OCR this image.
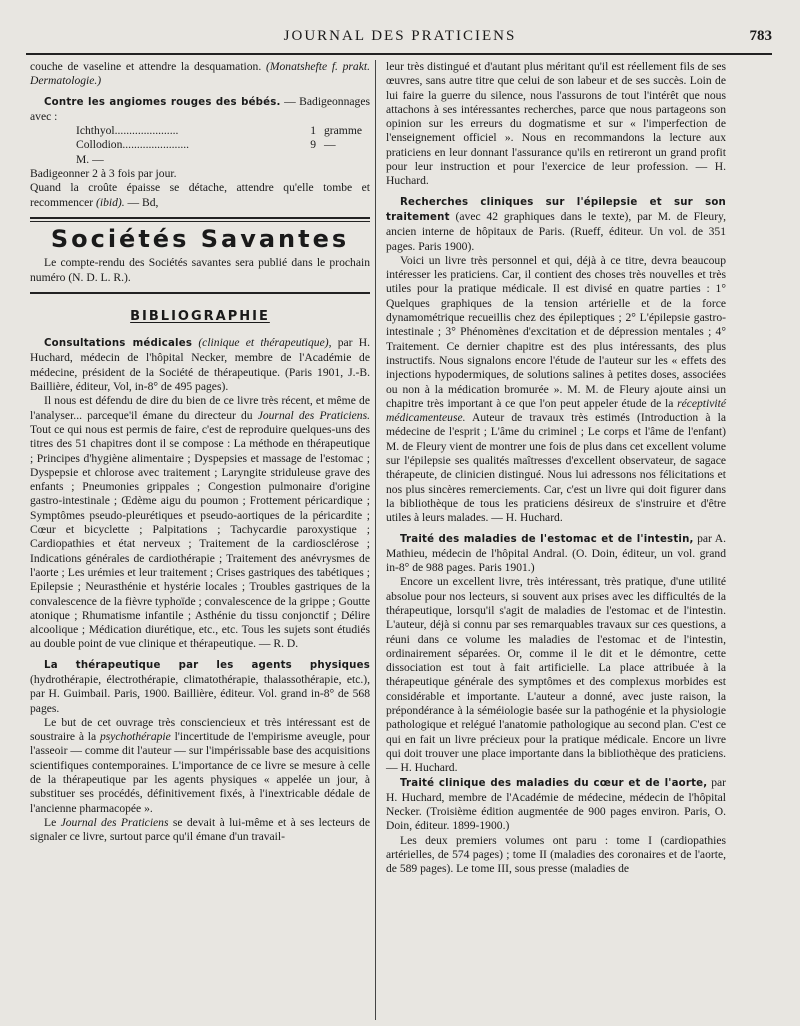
JOURNAL DES PRATICIENS	783

couche de vaseline et attendre la desquamation. (Monatshefte f. prakt. Dermatologie.)

Contre les angiomes rouges des bébés. — Badigeonnages avec :

Ichthyol......................	1 gramme
Collodion.......................	9 —
M. —

Badigeonner 2 à 3 fois par jour.

Quand la croûte épaisse se détache, attendre qu'elle tombe et recommencer (ibid). — Bd,

Sociétés Savantes

Le compte-rendu des Sociétés savantes sera publié dans le prochain numéro (N. D. L. R.).

BIBLIOGRAPHIE

Consultations médicales (clinique et thérapeutique), par H. Huchard, médecin de l'hôpital Necker, membre de l'Académie de médecine, président de la Société de thérapeutique. (Paris 1901, J.-B. Baillière, éditeur, Vol, in-8° de 495 pages).

Il nous est défendu de dire du bien de ce livre très récent, et même de l'analyser... parceque'il émane du directeur du Journal des Praticiens. Tout ce qui nous est permis de faire, c'est de reproduire quelques-uns des titres des 51 chapitres dont il se compose : La méthode en thérapeutique ; Principes d'hygiène alimentaire ; Dyspepsies et massage de l'estomac ; Dyspepsie et chlorose avec traitement ; Laryngite striduleuse grave des enfants ; Pneumonies grippales ; Congestion pulmonaire d'origine gastro-intestinale ; Œdème aigu du poumon ; Frottement péricardique ; Symptômes pseudo-pleurétiques et pseudo-aortiques de la péricardite ; Cœur et bicyclette ; Palpitations ; Tachycardie paroxystique ; Cardiopathies et état nerveux ; Traitement de la cardiosclérose ; Indications générales de cardiothérapie ; Traitement des anévrysmes de l'aorte ; Les urémies et leur traitement ; Crises gastriques des tabétiques ; Epilepsie ; Neurasthénie et hystérie locales ; Troubles gastriques de la convalescence de la fièvre typhoïde ; convalescence de la grippe ; Goutte atonique ; Rhumatisme infantile ; Asthénie du tissu conjonctif ; Délire alcoolique ; Médication diurétique, etc., etc. Tous les sujets sont étudiés au double point de vue clinique et thérapeutique. — R. D.

La thérapeutique par les agents physiques (hydrothérapie, électrothérapie, climatothérapie, thalassothérapie, etc.), par H. Guimbail. Paris, 1900. Baillière, éditeur. Vol. grand in-8° de 568 pages.

Le but de cet ouvrage très consciencieux et très intéressant est de soustraire à la psychothérapie l'incertitude de l'empirisme aveugle, pour l'asseoir — comme dit l'auteur — sur l'impérissable base des acquisitions scientifiques contemporaines. L'importance de ce livre se mesure à celle de la thérapeutique par les agents physiques « appelée un jour, à substituer ses procédés, définitivement fixés, à l'inextricable dédale de l'ancienne pharmacopée ».

Le Journal des Praticiens se devait à lui-même et à ses lecteurs de signaler ce livre, surtout parce qu'il émane d'un travail-

leur très distingué et d'autant plus méritant qu'il est réellement fils de ses œuvres, sans autre titre que celui de son labeur et de ses succès. Loin de lui faire la guerre du silence, nous l'assurons de tout l'intérêt que nous attachons à ses intéressantes recherches, parce que nous partageons son opinion sur les erreurs du dogmatisme et sur « l'imperfection de l'enseignement officiel ». Nous en recommandons la lecture aux praticiens en leur donnant l'assurance qu'ils en retireront un grand profit pour leur instruction et pour l'exercice de leur profession. — H. Huchard.

Recherches cliniques sur l'épilepsie et sur son traitement (avec 42 graphiques dans le texte), par M. de Fleury, ancien interne de hôpitaux de Paris. (Rueff, éditeur. Un vol. de 351 pages. Paris 1900).

Voici un livre très personnel et qui, déjà à ce titre, devra beaucoup intéresser les praticiens. Car, il contient des choses très nouvelles et très utiles pour la pratique médicale. Il est divisé en quatre parties : 1° Quelques graphiques de la tension artérielle et de la force dynamométrique recueillis chez des épileptiques ; 2° L'épilepsie gastro-intestinale ; 3° Phénomènes d'excitation et de dépression mentales ; 4° Traitement. Ce dernier chapitre est des plus intéressants, des plus instructifs. Nous signalons encore l'étude de l'auteur sur les « effets des injections hypodermiques, de solutions salines à petites doses, associées ou non à la médication bromurée ». M. M. de Fleury ajoute ainsi un chapitre très important à ce que l'on peut appeler étude de la réceptivité médicamenteuse. Auteur de travaux très estimés (Introduction à la médecine de l'esprit ; L'âme du criminel ; Le corps et l'âme de l'enfant) M. de Fleury vient de montrer une fois de plus dans cet excellent volume sur l'épilepsie ses qualités maîtresses d'excellent observateur, de sagace thérapeute, de clinicien distingué. Nous lui adressons nos félicitations et nos plus sincères remerciements. Car, c'est un livre qui doit figurer dans la bibliothèque de tous les praticiens désireux de s'instruire et d'être utiles à leurs malades. — H. Huchard.

Traité des maladies de l'estomac et de l'intestin, par A. Mathieu, médecin de l'hôpital Andral. (O. Doin, éditeur, un vol. grand in-8° de 988 pages. Paris 1901.)

Encore un excellent livre, très intéressant, très pratique, d'une utilité absolue pour nos lecteurs, si souvent aux prises avec les difficultés de la thérapeutique, lorsqu'il s'agit de maladies de l'estomac et de l'intestin. L'auteur, déjà si connu par ses remarquables travaux sur ces questions, a réuni dans ce volume les maladies de l'estomac et de l'intestin, ordinairement séparées. Or, comme il le dit et le démontre, cette dissociation est tout à fait artificielle. La place attribuée à la thérapeutique générale des symptômes et des complexus morbides est considérable et importante. L'auteur a donné, avec juste raison, la prépondérance à la séméiologie basée sur la pathogénie et la physiologie pathologique et relégué l'anatomie pathologique au second plan. C'est ce qui en fait un livre précieux pour la pratique médicale. Encore un livre qui doit trouver une place importante dans la bibliothèque des praticiens. — H. Huchard.

Traité clinique des maladies du cœur et de l'aorte, par H. Huchard, membre de l'Académie de médecine, médecin de l'hôpital Necker. (Troisième édition augmentée de 900 pages environ. Paris, O. Doin, éditeur. 1899-1900.)

Les deux premiers volumes ont paru : tome I (cardiopathies artérielles, de 574 pages) ; tome II (maladies des coronaires et de l'aorte, de 589 pages). Le tome III, sous presse (maladies de
